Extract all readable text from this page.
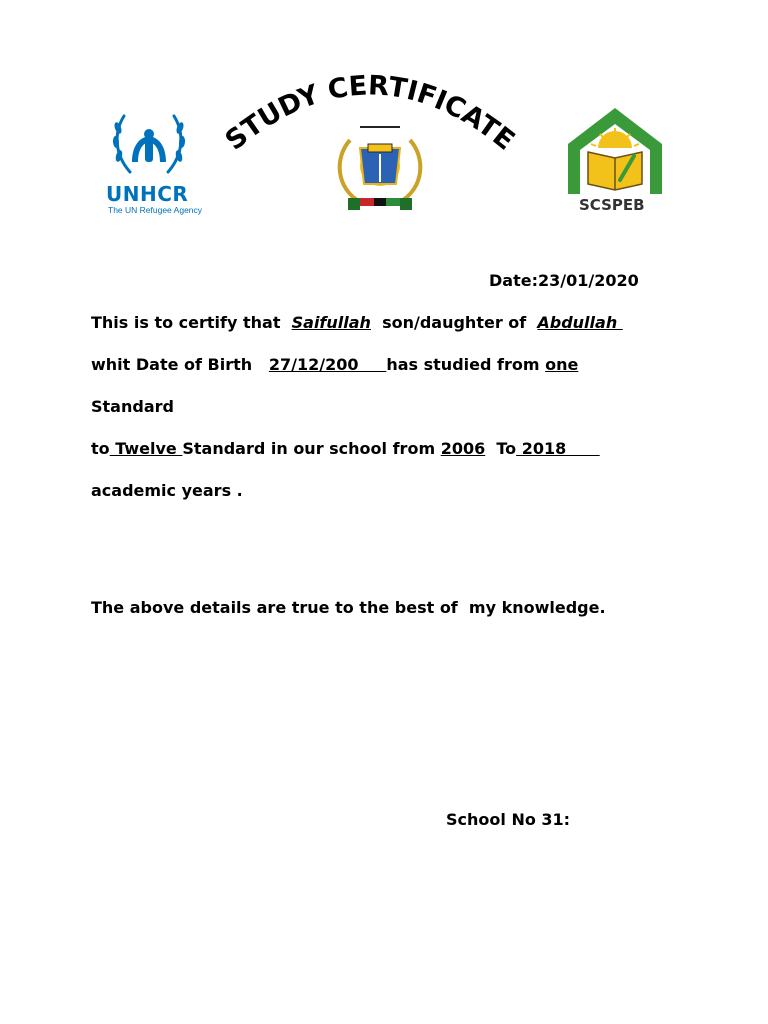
UNHCR
The UN Refugee Agency
STUDY CERTIFICATE
SCSPEB
Date:23/01/2020
This is to certify that  Saifullah  son/daughter of  Abdullah
whit Date of Birth   27/12/200     has studied from one
Standard
to Twelve Standard in our school from 2006  To 2018
academic years .
The above details are true to the best of  my knowledge.
School No 31:
